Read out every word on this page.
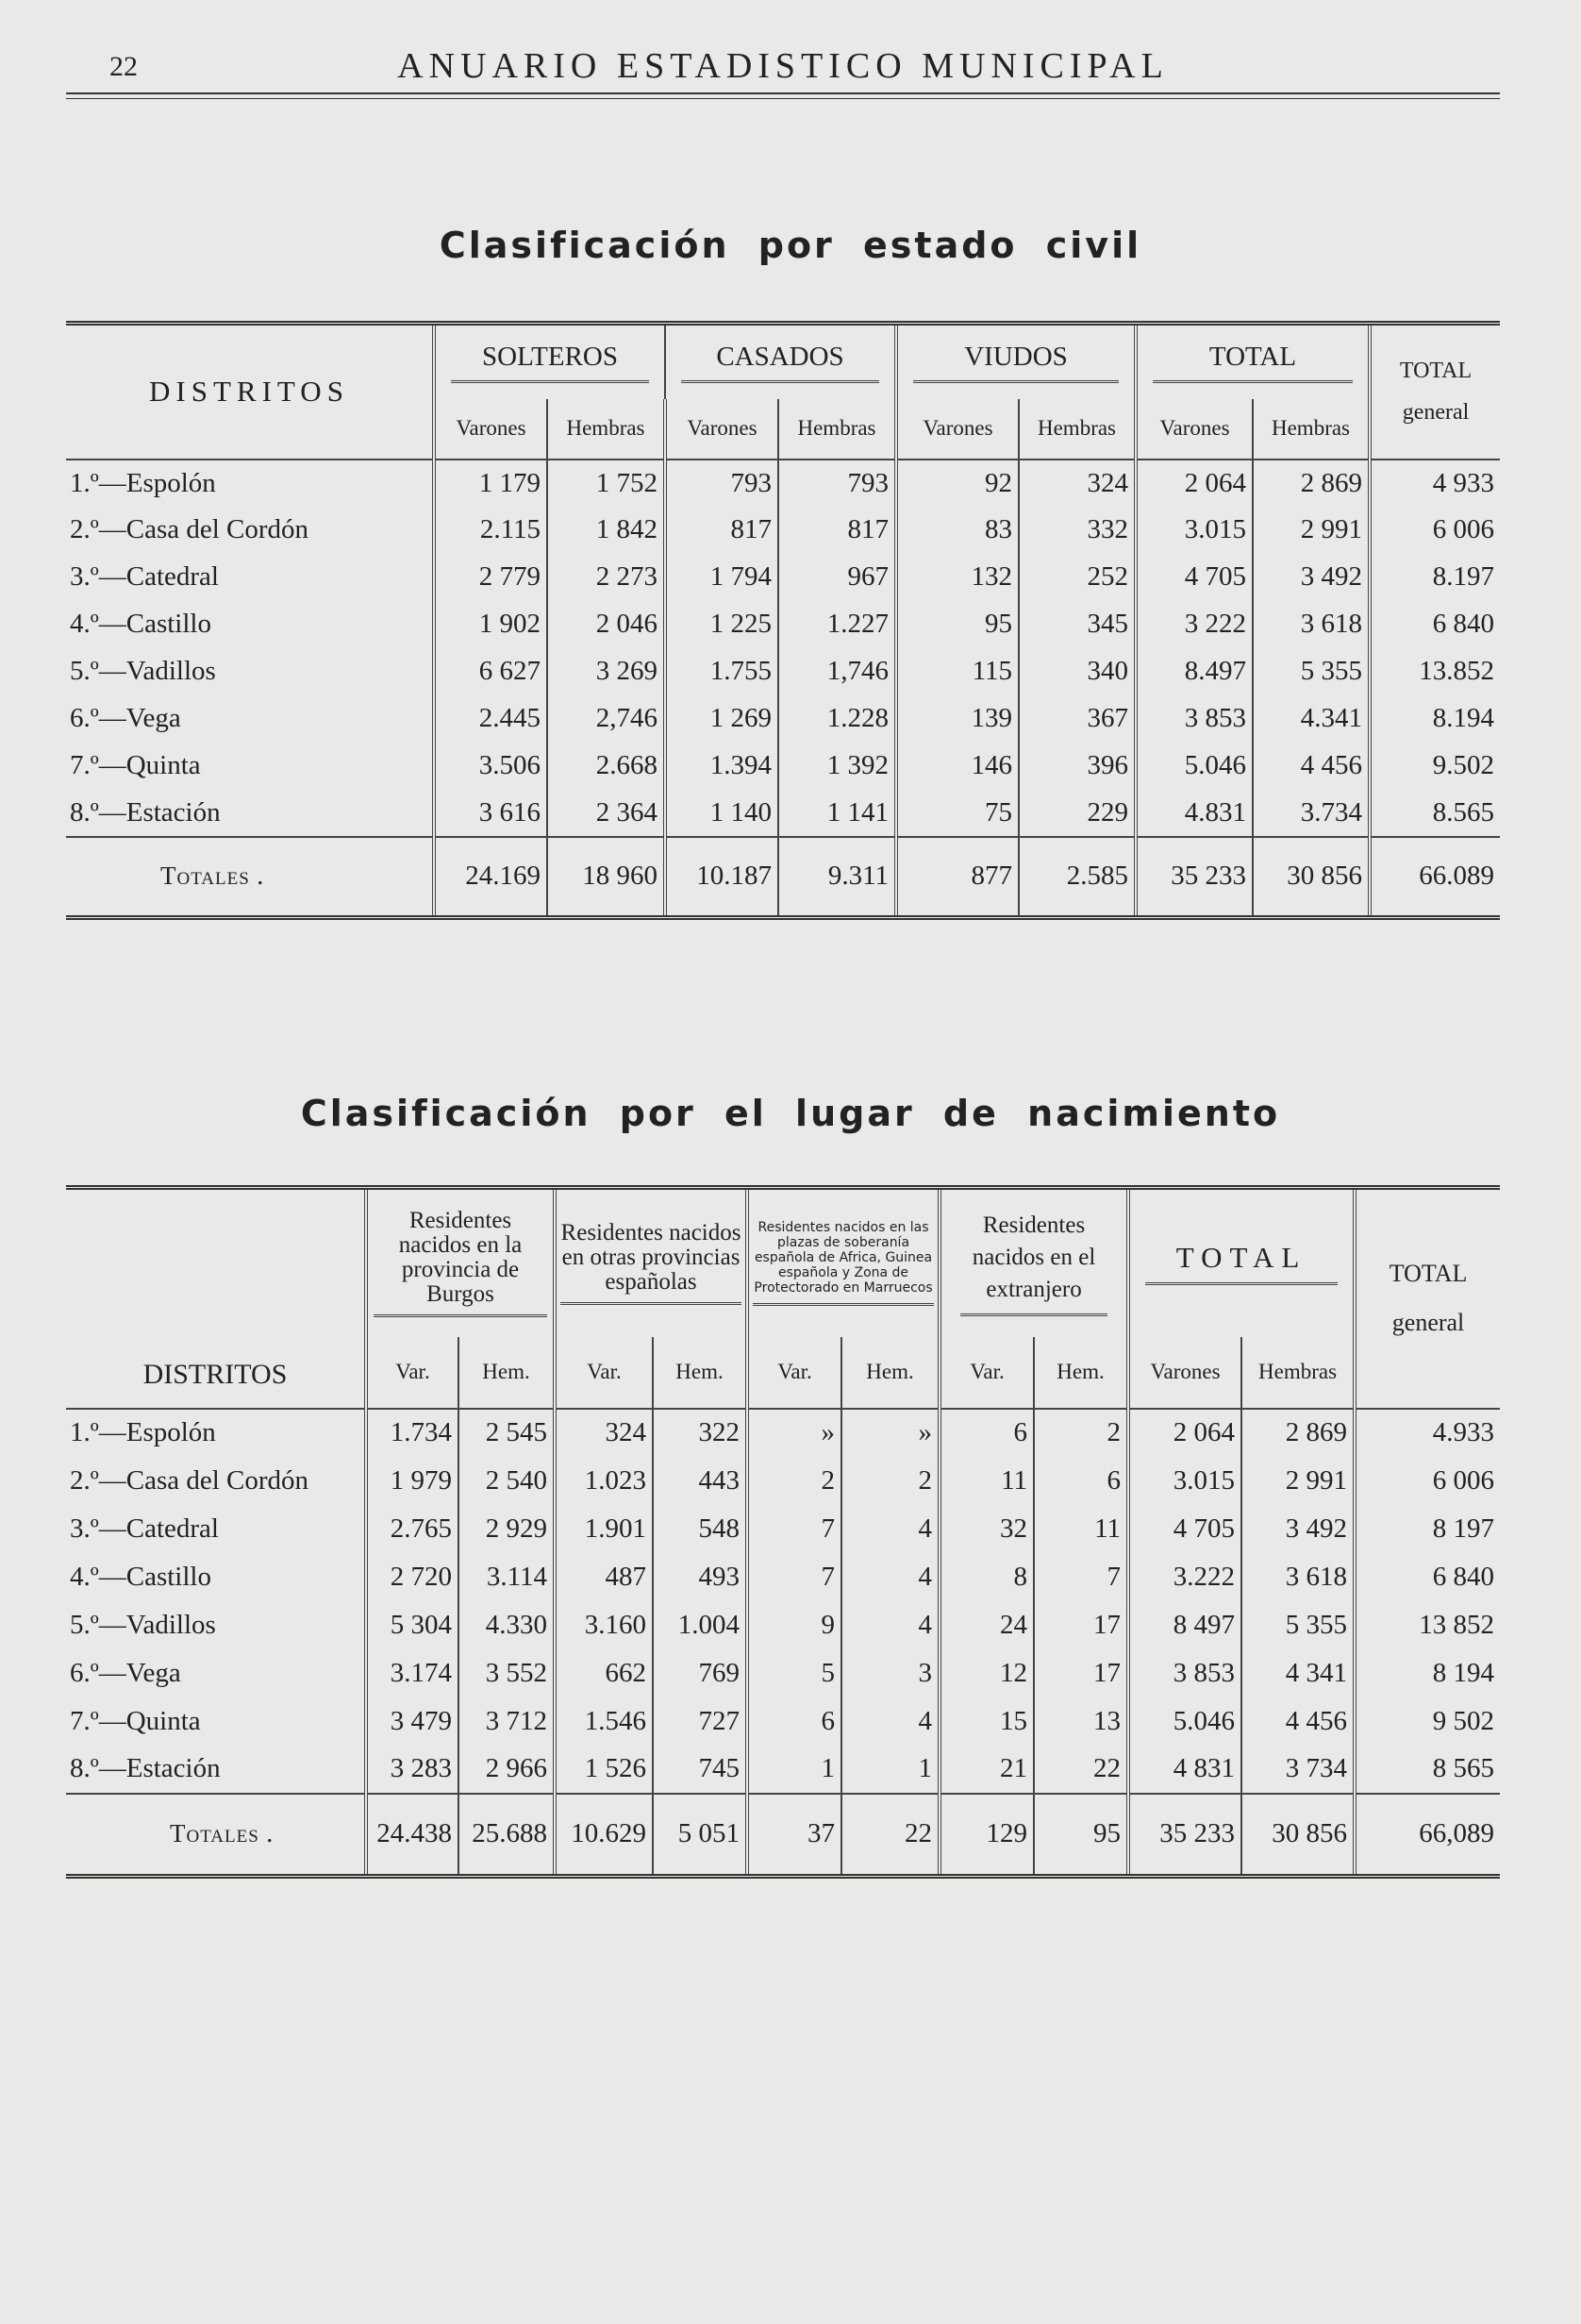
22	ANUARIO ESTADISTICO MUNICIPAL
Clasificación por estado civil
DISTRITOS	SOLTEROS		CASADOS		VIUDOS		TOTAL		TOTAL
general

	Varones	Hembras	Varones	Hembras	Varones	Hembras	Varones	Hembras	
1.º—Espolón	1 179	1 752	793	793	92	324	2 064	2 869	4 933
2.º—Casa del Cordón	2.115	1 842	817	817	83	332	3.015	2 991	6 006
3.º—Catedral	2 779	2 273	1 794	967	132	252	4 705	3 492	8.197
4.º—Castillo	1 902	2 046	1 225	1.227	95	345	3 222	3 618	6 840
5.º—Vadillos	6 627	3 269	1.755	1,746	115	340	8.497	5 355	13.852
6.º—Vega	2.445	2,746	1 269	1.228	139	367	3 853	4.341	8.194
7.º—Quinta	3.506	2.668	1.394	1 392	146	396	5.046	4 456	9.502
8.º—Estación	3 616	2 364	1 140	1 141	75	229	4.831	3.734	8.565
Totales .	24.169	18 960	10.187	9.311	877	2.585	35 233	30 856	66.089
Clasificación por el lugar de nacimiento
DISTRITOS	Residentes nacidos en la provincia de Burgos		Residentes nacidos en otras provincias españolas		Residentes nacidos en las plazas de soberanía española de Africa, Guinea española y Zona de Protectorado en Marruecos		Residentes nacidos en el extranjero		TOTAL		TOTAL
general

	Var.	Hem.	Var.	Hem.	Var.	Hem.	Var.	Hem.	Varones	Hembras	
1.º—Espolón	1.734	2 545	324	322	»	»	6	2	2 064	2 869	4.933
2.º—Casa del Cordón	1 979	2 540	1.023	443	2	2	11	6	3.015	2 991	6 006
3.º—Catedral	2.765	2 929	1.901	548	7	4	32	11	4 705	3 492	8 197
4.º—Castillo	2 720	3.114	487	493	7	4	8	7	3.222	3 618	6 840
5.º—Vadillos	5 304	4.330	3.160	1.004	9	4	24	17	8 497	5 355	13 852
6.º—Vega	3.174	3 552	662	769	5	3	12	17	3 853	4 341	8 194
7.º—Quinta	3 479	3 712	1.546	727	6	4	15	13	5.046	4 456	9 502
8.º—Estación	3 283	2 966	1 526	745	1	1	21	22	4 831	3 734	8 565
Totales .	24.438	25.688	10.629	5 051	37	22	129	95	35 233	30 856	66,089
